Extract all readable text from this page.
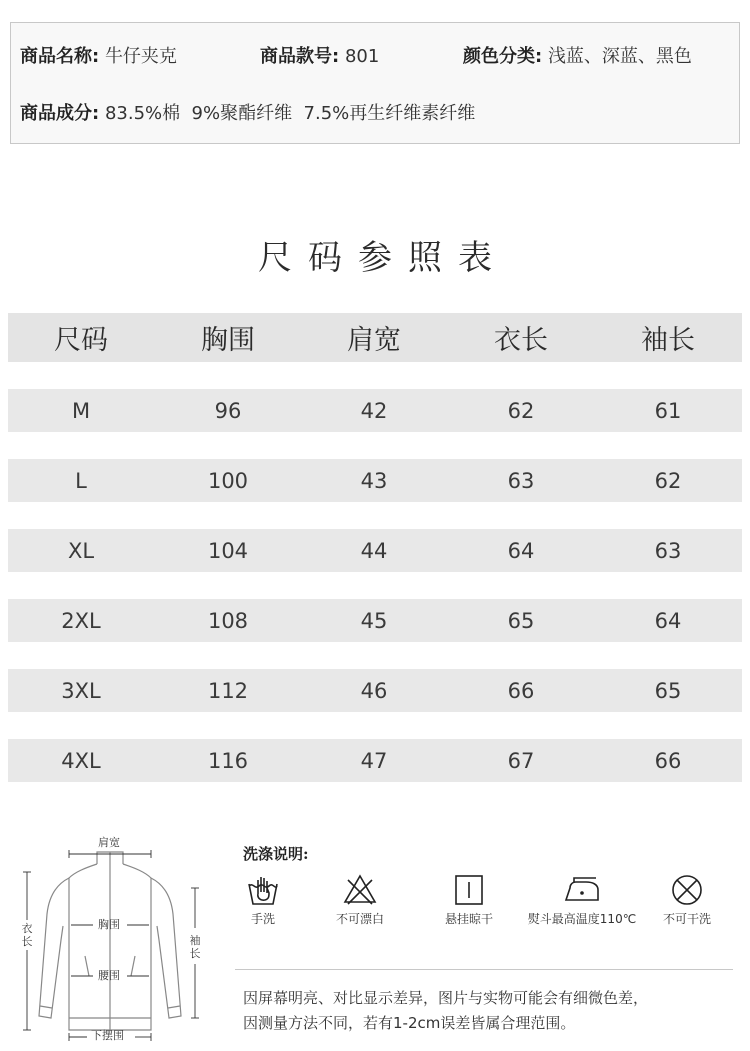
商品名称: 牛仔夹克	商品款号: 801	颜色分类: 浅蓝、深蓝、黑色
商品成分: 83.5%棉  9%聚酯纤维  7.5%再生纤维素纤维
尺码参照表
尺码	胸围	肩宽	衣长	袖长
M	96	42	62	61
L	100	43	63	62
XL	104	44	64	63
2XL	108	45	65	64
3XL	112	46	66	65
4XL	116	47	67	66
肩宽
胸围
腰围
下摆围
衣长	袖长
洗涤说明:
手洗	不可漂白	悬挂晾干	熨斗最高温度110℃	不可干洗
因屏幕明亮、对比显示差异，图片与实物可能会有细微色差，
因测量方法不同，若有1-2cm误差皆属合理范围。
